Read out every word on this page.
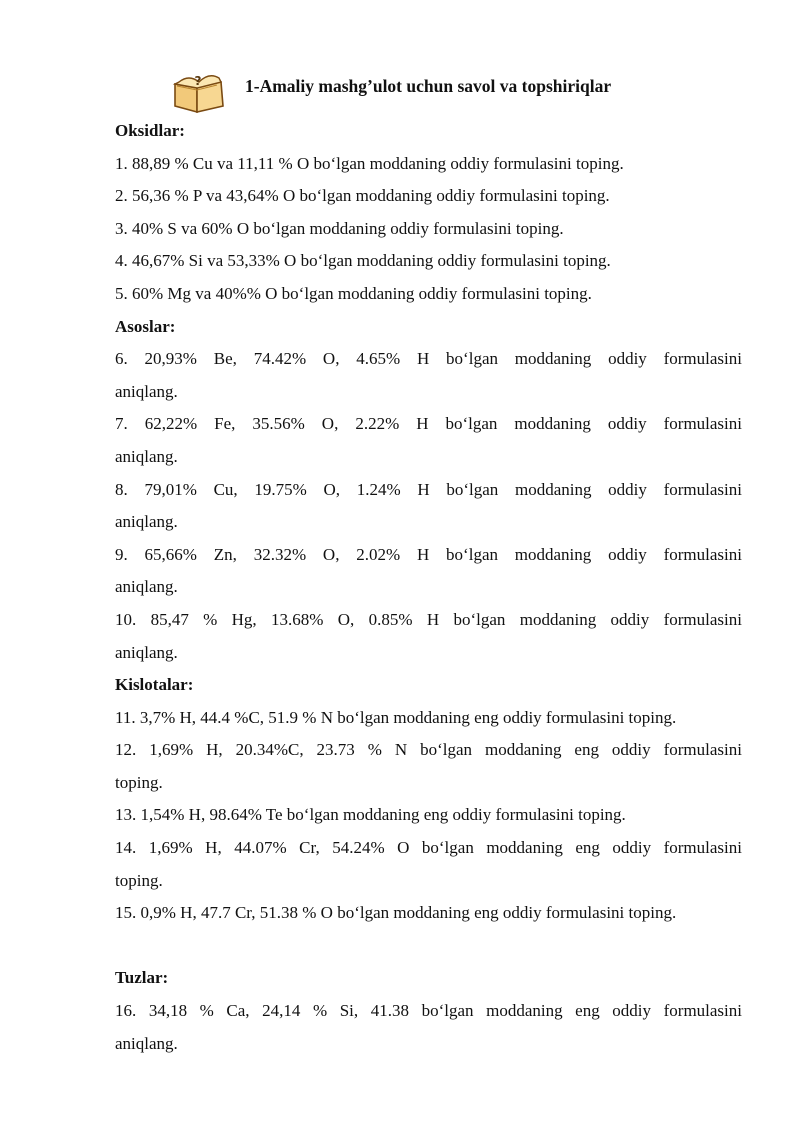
? 1-Amaliy mashg’ulot uchun savol va topshiriqlar
Oksidlar:
1. 88,89 % Cu va 11,11 % O bo‘lgan moddaning oddiy formulasini toping.
2. 56,36 % P va 43,64% O bo‘lgan moddaning oddiy formulasini toping.
3. 40% S va 60% O bo‘lgan moddaning oddiy formulasini toping.
4. 46,67% Si va 53,33% O bo‘lgan moddaning oddiy formulasini toping.
5. 60% Mg va 40%% O bo‘lgan moddaning oddiy formulasini toping.
Asoslar:
6. 20,93% Be, 74.42% O, 4.65% H bo‘lgan moddaning oddiy formulasini
aniqlang.
7. 62,22% Fe, 35.56% O, 2.22% H bo‘lgan moddaning oddiy formulasini
aniqlang.
8. 79,01% Cu, 19.75% O, 1.24% H bo‘lgan moddaning oddiy formulasini
aniqlang.
9. 65,66% Zn, 32.32% O, 2.02% H bo‘lgan moddaning oddiy formulasini
aniqlang.
10. 85,47 % Hg, 13.68% O, 0.85% H bo‘lgan moddaning oddiy formulasini
aniqlang.
Kislotalar:
11. 3,7% H, 44.4 %C, 51.9 % N bo‘lgan moddaning eng oddiy formulasini toping.
12. 1,69% H, 20.34%C, 23.73 % N bo‘lgan moddaning eng oddiy formulasini
toping.
13. 1,54% H, 98.64% Te bo‘lgan moddaning eng oddiy formulasini toping.
14. 1,69% H, 44.07% Cr, 54.24% O bo‘lgan moddaning eng oddiy formulasini
toping.
15. 0,9% H, 47.7 Cr, 51.38 % O bo‘lgan moddaning eng oddiy formulasini toping.
Tuzlar:
16. 34,18 % Ca, 24,14 % Si, 41.38 bo‘lgan moddaning eng oddiy formulasini
aniqlang.
